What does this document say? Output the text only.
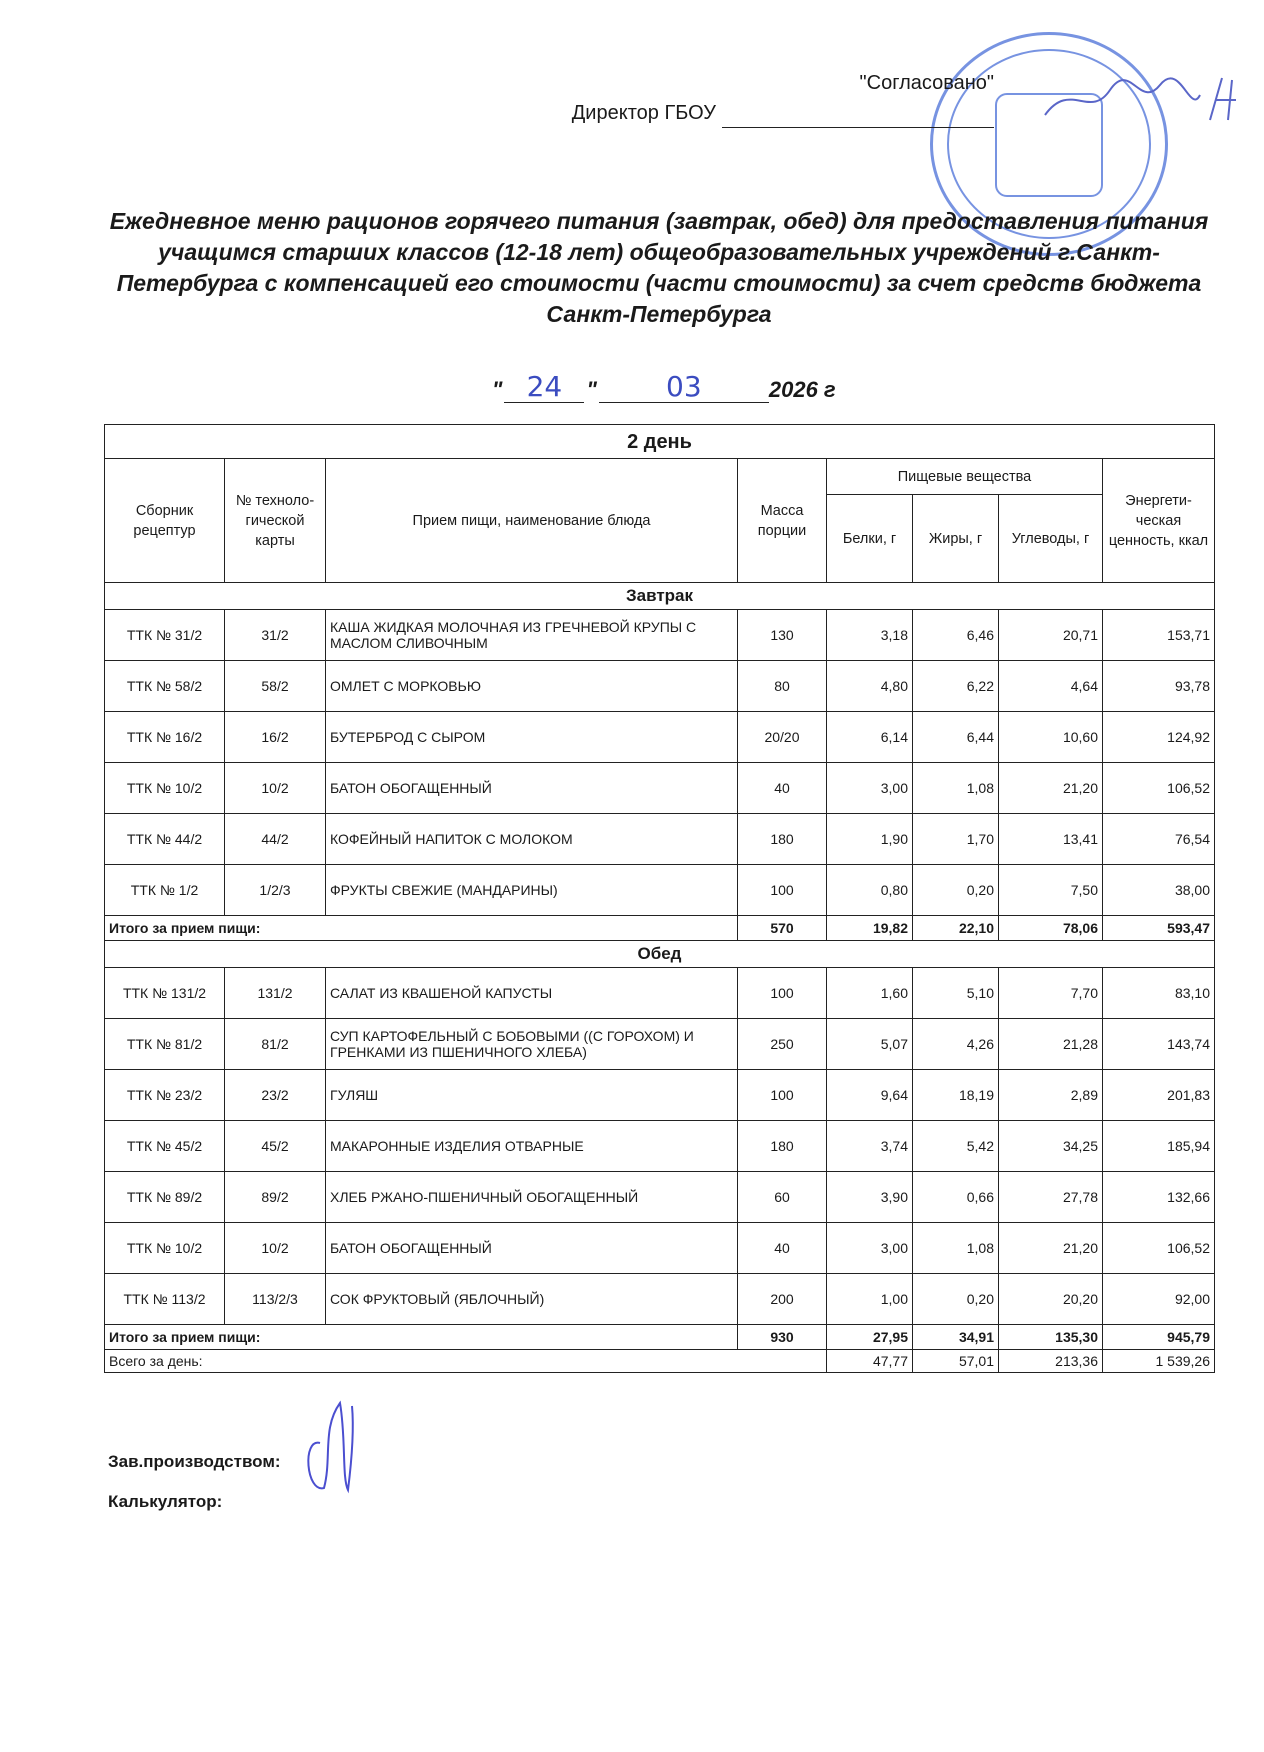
"Согласовано"
Директор ГБОУ
Ежедневное меню рационов горячего питания (завтрак, обед) для предоставления питания учащимся старших классов (12-18 лет) общеобразовательных учреждений г.Санкт-Петербурга с компенсацией его стоимости (части стоимости) за счет средств бюджета Санкт-Петербурга
" 24	"	03	2026 г
2 день							
Сборник рецептур	№ техноло-гической карты	Прием пищи, наименование блюда	Масса порции	Пищевые вещества			Энергети-ческая ценность, ккал
				Белки, г	Жиры, г	Углеводы, г	
Завтрак							
ТТК № 31/2	31/2	КАША ЖИДКАЯ МОЛОЧНАЯ ИЗ ГРЕЧНЕВОЙ КРУПЫ С МАСЛОМ СЛИВОЧНЫМ	130	3,18	6,46	20,71	153,71
ТТК № 58/2	58/2	ОМЛЕТ С МОРКОВЬЮ	80	4,80	6,22	4,64	93,78
ТТК № 16/2	16/2	БУТЕРБРОД С СЫРОМ	20/20	6,14	6,44	10,60	124,92
ТТК № 10/2	10/2	БАТОН ОБОГАЩЕННЫЙ	40	3,00	1,08	21,20	106,52
ТТК № 44/2	44/2	КОФЕЙНЫЙ НАПИТОК С МОЛОКОМ	180	1,90	1,70	13,41	76,54
ТТК № 1/2	1/2/3	ФРУКТЫ СВЕЖИЕ (МАНДАРИНЫ)	100	0,80	0,20	7,50	38,00
Итого за прием пищи:			570	19,82	22,10	78,06	593,47
Обед							
ТТК № 131/2	131/2	САЛАТ ИЗ КВАШЕНОЙ КАПУСТЫ	100	1,60	5,10	7,70	83,10
ТТК № 81/2	81/2	СУП КАРТОФЕЛЬНЫЙ С БОБОВЫМИ ((С ГОРОХОМ) И ГРЕНКАМИ ИЗ ПШЕНИЧНОГО ХЛЕБА)	250	5,07	4,26	21,28	143,74
ТТК № 23/2	23/2	ГУЛЯШ	100	9,64	18,19	2,89	201,83
ТТК № 45/2	45/2	МАКАРОННЫЕ ИЗДЕЛИЯ ОТВАРНЫЕ	180	3,74	5,42	34,25	185,94
ТТК № 89/2	89/2	ХЛЕБ РЖАНО-ПШЕНИЧНЫЙ ОБОГАЩЕННЫЙ	60	3,90	0,66	27,78	132,66
ТТК № 10/2	10/2	БАТОН ОБОГАЩЕННЫЙ	40	3,00	1,08	21,20	106,52
ТТК № 113/2	113/2/3	СОК ФРУКТОВЫЙ (ЯБЛОЧНЫЙ)	200	1,00	0,20	20,20	92,00
Итого за прием пищи:			930	27,95	34,91	135,30	945,79
Всего за день:				47,77	57,01	213,36	1 539,26
Зав.производством:
Калькулятор:
